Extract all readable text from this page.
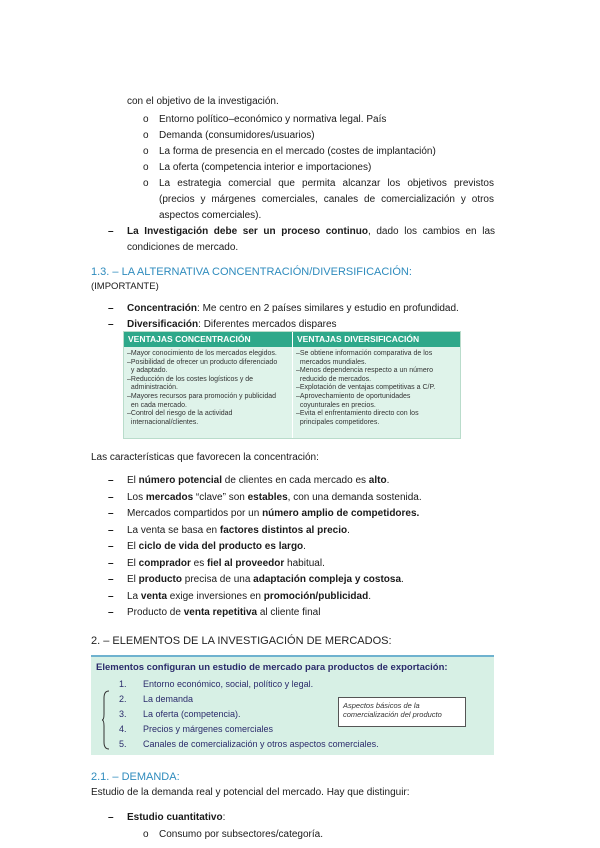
con el objetivo de la investigación.
o Entorno político–económico y normativa legal. País
o Demanda (consumidores/usuarios)
o La forma de presencia en el mercado (costes de implantación)
o La oferta (competencia interior e importaciones)
o La estrategia comercial que permita alcanzar los objetivos previstos (precios y márgenes comerciales, canales de comercialización y otros aspectos comerciales).
– La Investigación debe ser un proceso continuo, dado los cambios en las condiciones de mercado.
1.3. – LA ALTERNATIVA CONCENTRACIÓN/DIVERSIFICACIÓN:
(IMPORTANTE)
– Concentración: Me centro en 2 países similares y estudio en profundidad.
– Diversificación: Diferentes mercados dispares
VENTAJAS CONCENTRACIÓN	VENTAJAS DIVERSIFICACIÓN
–Mayor conocimiento de los mercados elegidos.
–Posibilidad de ofrecer un producto diferenciado
y adaptado.
–Reducción de los costes logísticos y de
administración.
–Mayores recursos para promoción y publicidad
en cada mercado.
–Control del riesgo de la actividad
internacional/clientes.
–Se obtiene información comparativa de los
mercados mundiales.
–Menos dependencia respecto a un número
reducido de mercados.
–Explotación de ventajas competitivas a C/P.
–Aprovechamiento de oportunidades
coyunturales en precios.
–Evita el enfrentamiento directo con los
principales competidores.
Las características que favorecen la concentración:
– El número potencial de clientes en cada mercado es alto.
– Los mercados “clave” son estables, con una demanda sostenida.
– Mercados compartidos por un número amplio de competidores.
– La venta se basa en factores distintos al precio.
– El ciclo de vida del producto es largo.
– El comprador es fiel al proveedor habitual.
– El producto precisa de una adaptación compleja y costosa.
– La venta exige inversiones en promoción/publicidad.
– Producto de venta repetitiva al cliente final
2. – ELEMENTOS DE LA INVESTIGACIÓN DE MERCADOS:
Elementos configuran un estudio de mercado para productos de exportación:
1. Entorno económico, social, político y legal.
2. La demanda
3. La oferta (competencia).
4. Precios y márgenes comerciales
5. Canales de comercialización y otros aspectos comerciales.
Aspectos básicos de la comercialización del producto
2.1. – DEMANDA:
Estudio de la demanda real y potencial del mercado. Hay que distinguir:
– Estudio cuantitativo:
o Consumo por subsectores/categoría.
